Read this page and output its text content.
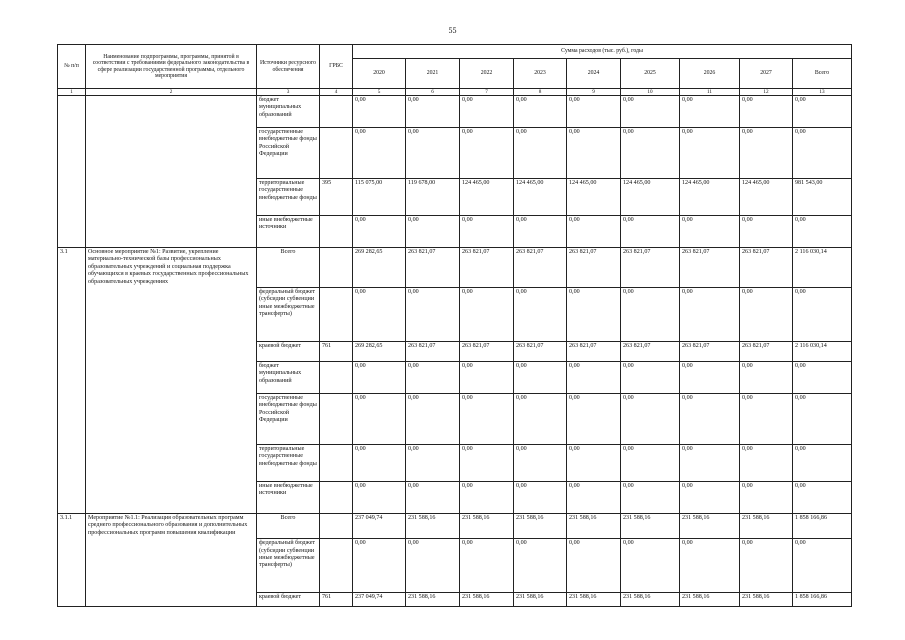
55
№ п/п	Наименование подпрограммы, программы, принятой в соответствии с требованиями федерального законодательства в сфере реализации государственной программы, отдельного мероприятия	Источники ресурсного обеспечения	ГРБС	Сумма расходов (тыс. руб.), годы								
				2020	2021	2022	2023	2024	2025	2026	2027	Всего
1	2	3	4	5	6	7	8	9	10	11	12	13
		бюджет муниципальных образований		0,00	0,00	0,00	0,00	0,00	0,00	0,00	0,00	0,00
		государственные внебюджетные фонды Российской Федерации		0,00	0,00	0,00	0,00	0,00	0,00	0,00	0,00	0,00
		территориальные государственные внебюджетные фонды	395	115 075,00	119 678,00	124 465,00	124 465,00	124 465,00	124 465,00	124 465,00	124 465,00	981 543,00
		иные внебюджетные источники		0,00	0,00	0,00	0,00	0,00	0,00	0,00	0,00	0,00
3.1	Основное мероприятие №1: Развитие, укрепление материально-технической базы профессиональных образовательных учреждений и социальная поддержка обучающихся в краевых государственных профессиональных образовательных учреждениях	Всего		269 282,65	263 821,07	263 821,07	263 821,07	263 821,07	263 821,07	263 821,07	263 821,07	2 116 030,14
		федеральный бюджет (субсидии субвенции иные межбюджетные трансферты)		0,00	0,00	0,00	0,00	0,00	0,00	0,00	0,00	0,00
		краевой бюджет	761	269 282,65	263 821,07	263 821,07	263 821,07	263 821,07	263 821,07	263 821,07	263 821,07	2 116 030,14
		бюджет муниципальных образований		0,00	0,00	0,00	0,00	0,00	0,00	0,00	0,00	0,00
		государственные внебюджетные фонды Российской Федерации		0,00	0,00	0,00	0,00	0,00	0,00	0,00	0,00	0,00
		территориальные государственные внебюджетные фонды		0,00	0,00	0,00	0,00	0,00	0,00	0,00	0,00	0,00
		иные внебюджетные источники		0,00	0,00	0,00	0,00	0,00	0,00	0,00	0,00	0,00
3.1.1	Мероприятие №1.1: Реализация образовательных программ среднего профессионального образования и дополнительных профессиональных программ повышения квалификации	Всего		237 049,74	231 588,16	231 588,16	231 588,16	231 588,16	231 588,16	231 588,16	231 588,16	1 858 166,86
		федеральный бюджет (субсидии субвенции иные межбюджетные трансферты)		0,00	0,00	0,00	0,00	0,00	0,00	0,00	0,00	0,00
		краевой бюджет	761	237 049,74	231 588,16	231 588,16	231 588,16	231 588,16	231 588,16	231 588,16	231 588,16	1 858 166,86
